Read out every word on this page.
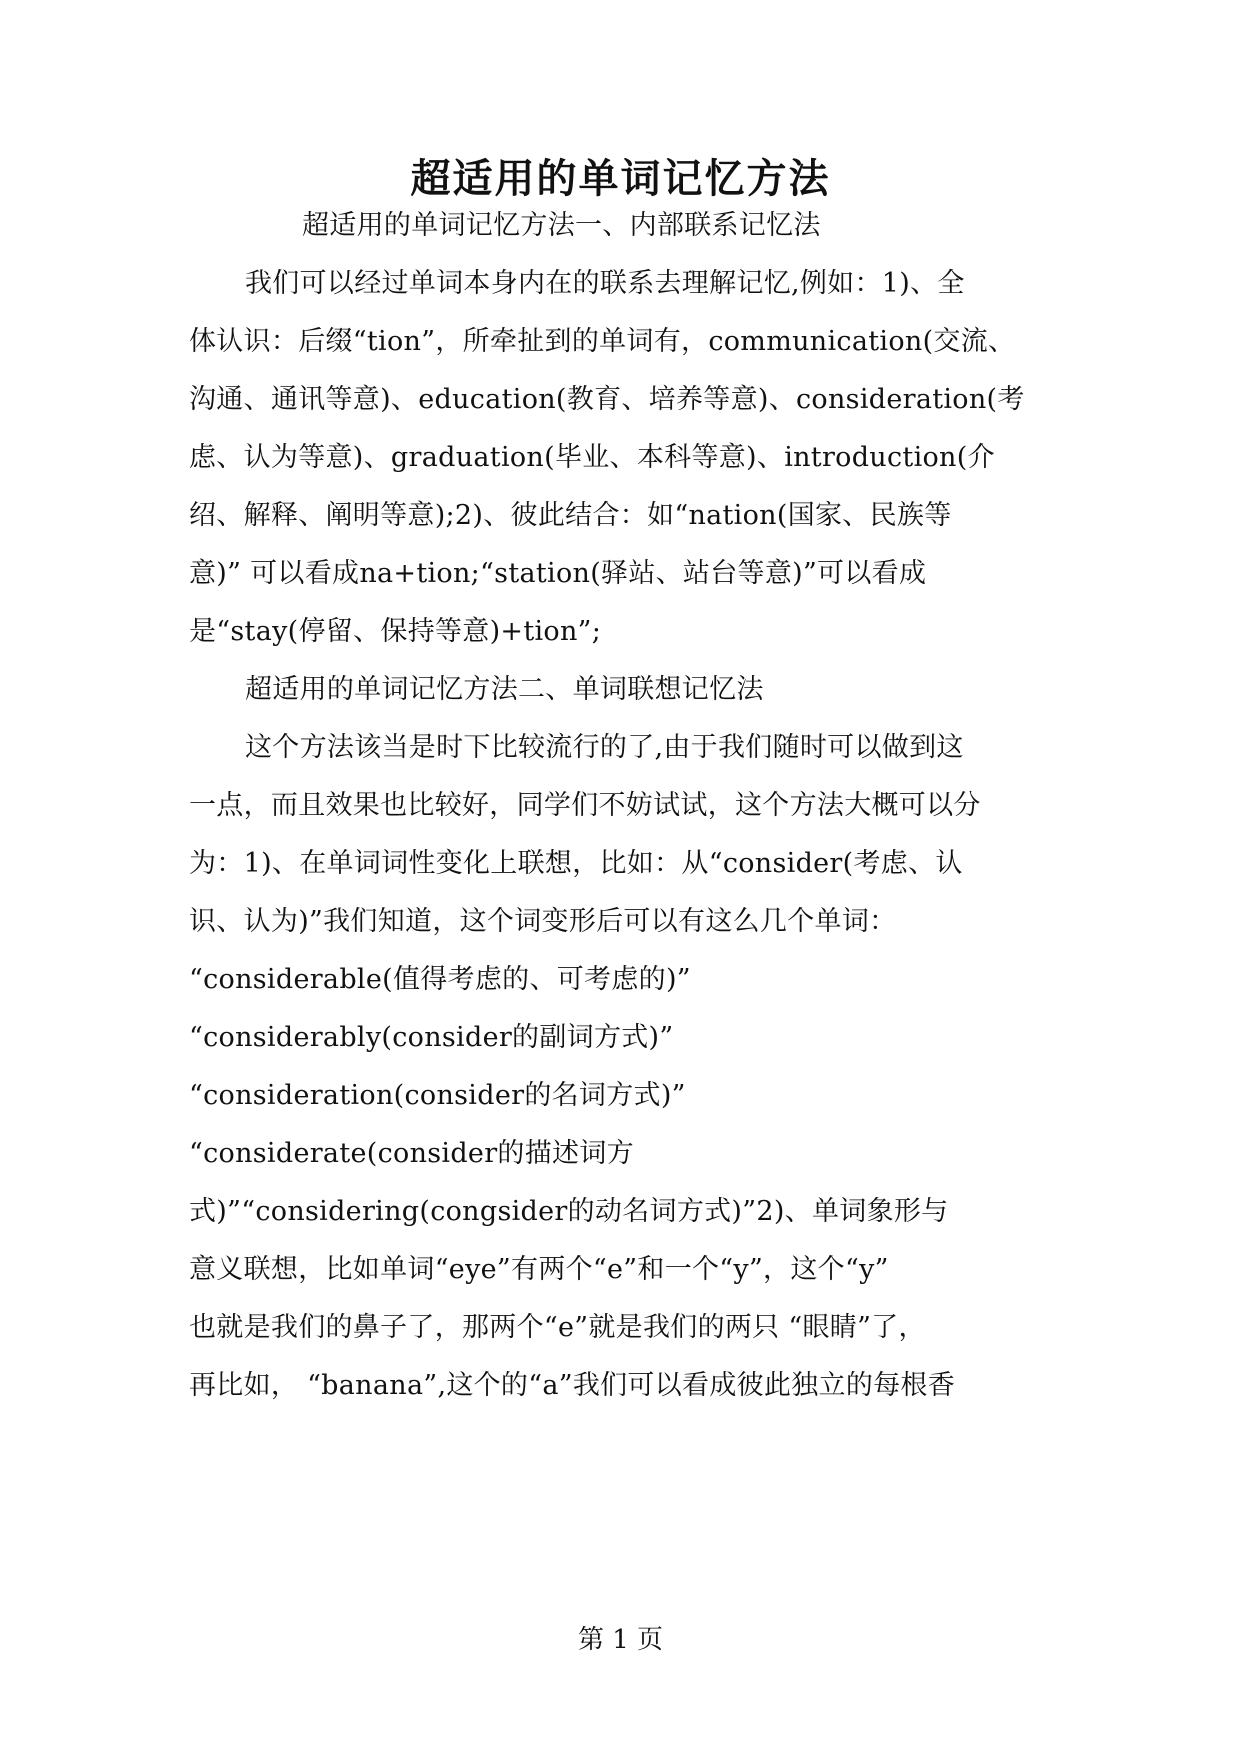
超适用的单词记忆方法
超适用的单词记忆方法一、内部联系记忆法
我们可以经过单词本身内在的联系去理解记忆,例如：1)、全
体认识：后缀“tion”，所牵扯到的单词有，communication(交流、
沟通、通讯等意)、education(教育、培养等意)、consideration(考
虑、认为等意)、graduation(毕业、本科等意)、introduction(介
绍、解释、阐明等意);2)、彼此结合：如“nation(国家、民族等
意)” 可以看成na+tion;“station(驿站、站台等意)”可以看成
是“stay(停留、保持等意)+tion”;
超适用的单词记忆方法二、单词联想记忆法
这个方法该当是时下比较流行的了,由于我们随时可以做到这
一点，而且效果也比较好，同学们不妨试试，这个方法大概可以分
为：1)、在单词词性变化上联想，比如：从“consider(考虑、认
识、认为)”我们知道，这个词变形后可以有这么几个单词：
“considerable(值得考虑的、可考虑的)”
“considerably(consider的副词方式)”
“consideration(consider的名词方式)”
“considerate(consider的描述词方
式)”“considering(congsider的动名词方式)”2)、单词象形与
意义联想，比如单词“eye”有两个“e”和一个“y”，这个“y”
也就是我们的鼻子了，那两个“e”就是我们的两只 “眼睛”了，
再比如， “banana”,这个的“a”我们可以看成彼此独立的每根香
第 1 页
